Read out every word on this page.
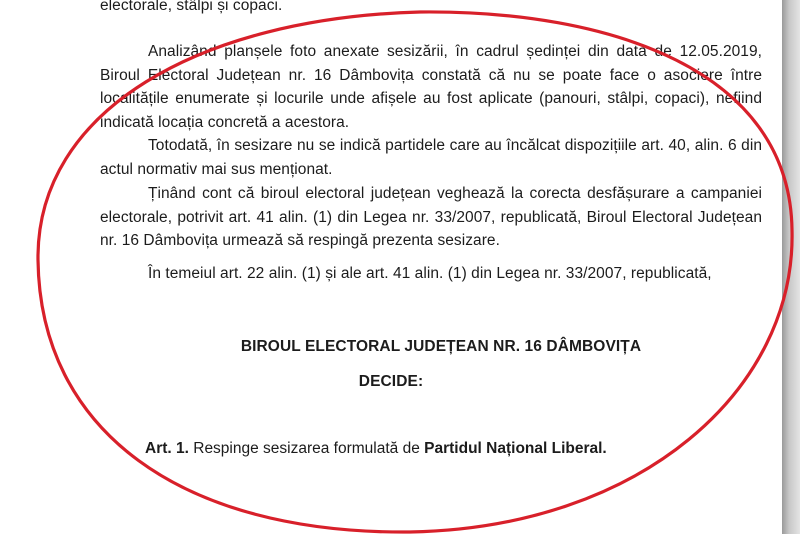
electorale, stâlpi și copaci.

Analizând planșele foto anexate sesizării, în cadrul ședinței din data de 12.05.2019, Biroul Electoral Județean nr. 16 Dâmbovița constată că nu se poate face o asociere între localitățile enumerate și locurile unde afișele au fost aplicate (panouri, stâlpi, copaci), nefiind indicată locația concretă a acestora.

Totodată, în sesizare nu se indică partidele care au încălcat dispozițiile art. 40, alin. 6 din actul normativ mai sus menționat.

Ținând cont că biroul electoral județean veghează la corecta desfășurare a campaniei electorale, potrivit art. 41 alin. (1) din Legea nr. 33/2007, republicată, Biroul Electoral Județean nr. 16 Dâmbovița urmează să respingă prezenta sesizare.

În temeiul art. 22 alin. (1) și ale art. 41 alin. (1) din Legea nr. 33/2007, republicată,

BIROUL ELECTORAL JUDEȚEAN NR. 16 DÂMBOVIȚA
DECIDE:
Art. 1. Respinge sesizarea formulată de Partidul Național Liberal.
